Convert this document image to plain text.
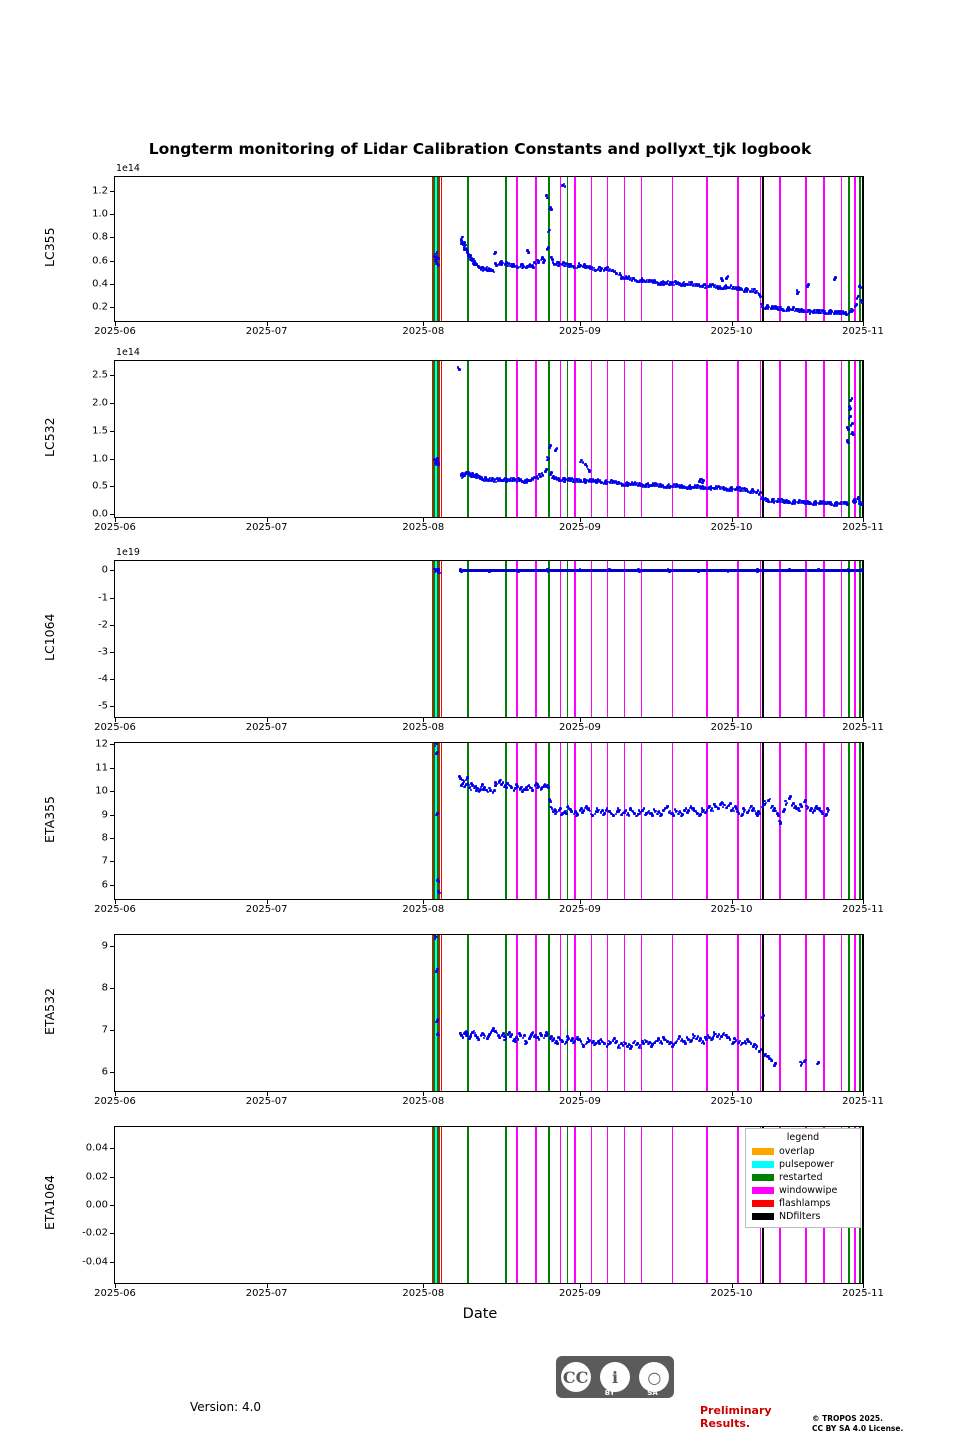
Longterm monitoring of Lidar Calibration Constants and pollyxt_tjk logbook
0.2
0.4
0.6
0.8
1.0
1.2
1e14
LC355
2025-06	2025-07	2025-08	2025-09	2025-10	2025-11
0.0
0.5
1.0
1.5
2.0
2.5
1e14
LC532
2025-06	2025-07	2025-08	2025-09	2025-10	2025-11
-5
-4
-3
-2
-1
0
1e19
LC1064
2025-06	2025-07	2025-08	2025-09	2025-10	2025-11
6
7
8
9
10
11
12
ETA355
2025-06	2025-07	2025-08	2025-09	2025-10	2025-11
6
7
8
9
ETA532
2025-06	2025-07	2025-08	2025-09	2025-10	2025-11
-0.04
-0.02
0.00
0.02
0.04
ETA1064
2025-06	2025-07	2025-08	2025-09	2025-10	2025-11
Date
legend
overlap
pulsepower
restarted
windowwipe
flashlamps
NDfilters
Version: 4.0
CC	i	○
BY	SA
Preliminary
Results.	© TROPOS 2025.
CC BY SA 4.0 License.
